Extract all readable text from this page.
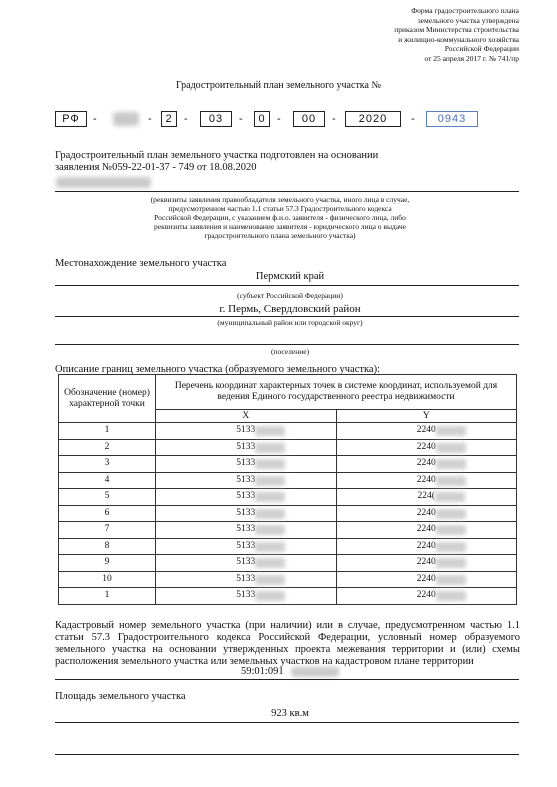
Форма градостроительного плана
земельного участка утверждена
приказом Министерства строительства
и жилищно-коммунального хозяйства
Российской Федерации
от 25 апреля 2017 г. № 741/пр
Градостроительный план земельного участка №
РФ	-	-	2	-	03	-	0	-	00	-	2020	-	0943
Градостроительный план земельного участка подготовлен на основании
заявления №059-22-01-37 - 749 от 18.08.2020
(реквизиты заявления правообладателя земельного участка, иного лица в случае, предусмотренном частью 1.1 статьи 57.3 Градостроительного кодекса Российской Федерации, с указанием ф.и.о. заявителя - физического лица, либо реквизиты заявления и наименование заявителя - юридического лица о выдаче градостроительного плана земельного участка)
Местонахождение земельного участка
Пермский край
(субъект Российской Федерации)
г. Пермь, Свердловский район
(муниципальный район или городской округ)
(поселение)
Описание границ земельного участка (образуемого земельного участка):
Обозначение (номер) характерной точки	Перечень координат характерных точек в системе координат, используемой для ведения Единого государственного реестра недвижимости	
	X	Y
1	5133	2240

2	5133	2240

3	5133	2240

4	5133	2240

5	5133	224(

6	5133	2240

7	5133	2240

8	5133	2240

9	5133	2240

10	5133	2240

1	5133	2240
Кадастровый номер земельного участка (при наличии) или в случае, предусмотренном частью 1.1 статьи 57.3 Градостроительного кодекса Российской Федерации, условный номер образуемого земельного участка на основании утвержденных проекта межевания территории и (или) схемы расположения земельного участка или земельных участков на кадастровом плане территории
59:01:091
Площадь земельного участка
923 кв.м
